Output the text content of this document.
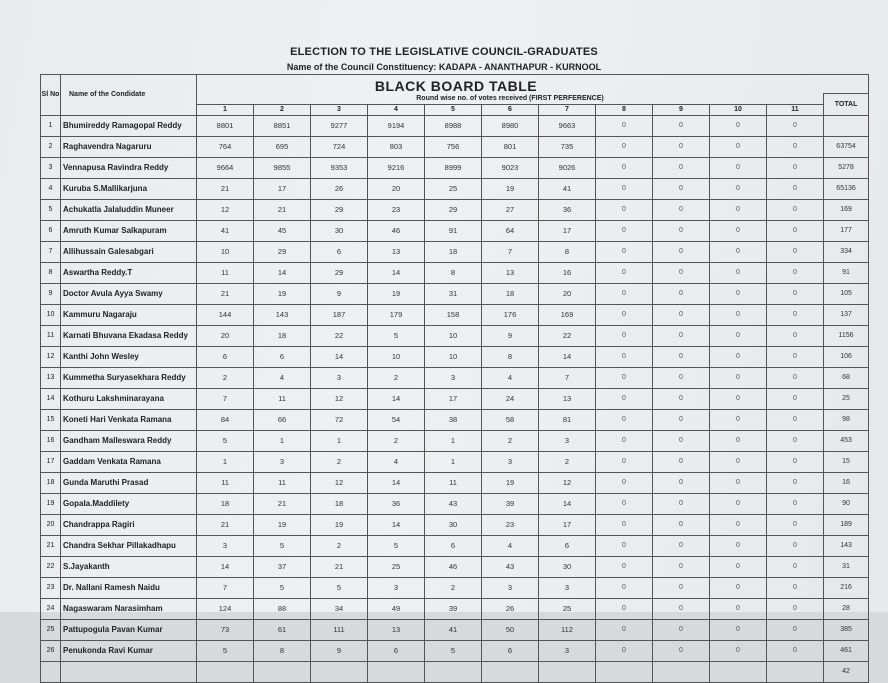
ELECTION TO THE LEGISLATIVE COUNCIL-GRADUATES
Name of the Council Constituency: KADAPA - ANANTHAPUR - KURNOOL
Sl No	Name of the Condidate												
		Round wise no. of votes received (FIRST PERFERENCE)											TOTAL
		1	2	3	4	5	6	7	8	9	10	11	
1	Bhumireddy Ramagopal Reddy	8801	8851	9277	9194	8988	8980	9663	0	0	0	0	
2	Raghavendra Nagaruru	764	695	724	803	756	801	735	0	0	0	0	63754
3	Vennapusa Ravindra Reddy	9664	9855	9353	9216	8999	9023	9026	0	0	0	0	5278
4	Kuruba S.Mallikarjuna	21	17	26	20	25	19	41	0	0	0	0	65136
5	Achukatla Jalaluddin Muneer	12	21	29	23	29	27	36	0	0	0	0	169
6	Amruth Kumar Salkapuram	41	45	30	46	91	64	17	0	0	0	0	177
7	Allihussain Galesabgari	10	29	6	13	18	7	8	0	0	0	0	334
8	Aswartha Reddy.T	11	14	29	14	8	13	16	0	0	0	0	91
9	Doctor Avula Ayya Swamy	21	19	9	19	31	18	20	0	0	0	0	105
10	Kammuru Nagaraju	144	143	187	179	158	176	169	0	0	0	0	137
11	Karnati Bhuvana Ekadasa Reddy	20	18	22	5	10	9	22	0	0	0	0	1156
12	Kanthi John Wesley	6	6	14	10	10	8	14	0	0	0	0	106
13	Kummetha Suryasekhara Reddy	2	4	3	2	3	4	7	0	0	0	0	68
14	Kothuru Lakshminarayana	7	11	12	14	17	24	13	0	0	0	0	25
15	Koneti Hari Venkata Ramana	84	66	72	54	38	58	81	0	0	0	0	98
16	Gandham Malleswara Reddy	5	1	1	2	1	2	3	0	0	0	0	453
17	Gaddam Venkata Ramana	1	3	2	4	1	3	2	0	0	0	0	15
18	Gunda Maruthi Prasad	11	11	12	14	11	19	12	0	0	0	0	16
19	Gopala.Maddilety	18	21	18	36	43	39	14	0	0	0	0	90
20	Chandrappa Ragiri	21	19	19	14	30	23	17	0	0	0	0	189
21	Chandra Sekhar Pillakadhapu	3	5	2	5	6	4	6	0	0	0	0	143
22	S.Jayakanth	14	37	21	25	46	43	30	0	0	0	0	31
23	Dr. Nallani Ramesh Naidu	7	5	5	3	2	3	3	0	0	0	0	216
24	Nagaswaram Narasimham	124	88	34	49	39	26	25	0	0	0	0	28
25	Pattupogula Pavan Kumar	73	61	111	13	41	50	112	0	0	0	0	385
26	Penukonda Ravi Kumar	5	8	9	6	5	6	3	0	0	0	0	461
													42
BLACK BOARD TABLE
